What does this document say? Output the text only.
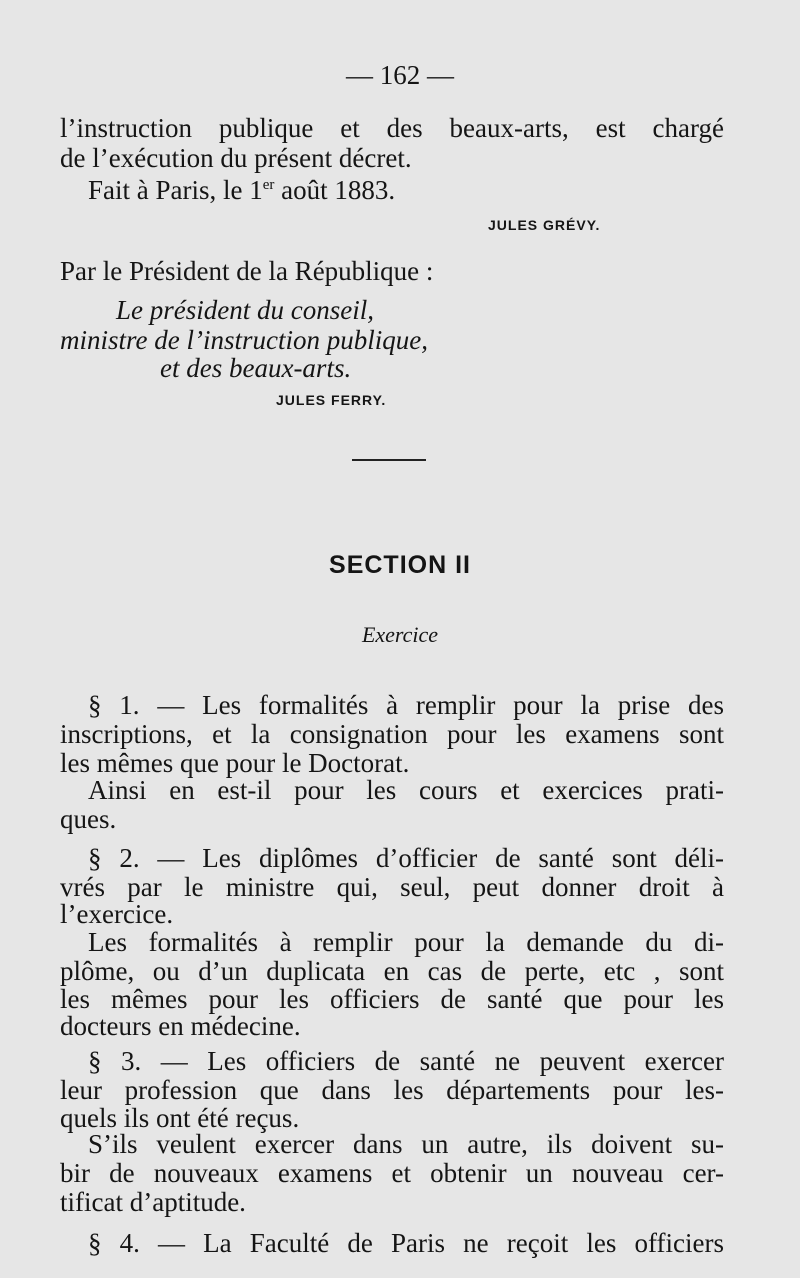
— 162 —
l’instruction publique et des beaux-arts, est chargé
de l’exécution du présent décret.
Fait à Paris, le 1er août 1883.
JULES GRÉVY.
Par le Président de la République :
Le président du conseil,
ministre de l’instruction publique,
et des beaux-arts.
JULES FERRY.
SECTION II
Exercice
§ 1. — Les formalités à remplir pour la prise des
inscriptions, et la consignation pour les examens sont
les mêmes que pour le Doctorat.
Ainsi en est-il pour les cours et exercices prati-
ques.
§ 2. — Les diplômes d’officier de santé sont déli-
vrés par le ministre qui, seul, peut donner droit à
l’exercice.
Les formalités à remplir pour la demande du di-
plôme, ou d’un duplicata en cas de perte, etc , sont
les mêmes pour les officiers de santé que pour les
docteurs en médecine.
§ 3. — Les officiers de santé ne peuvent exercer
leur profession que dans les départements pour les-
quels ils ont été reçus.
S’ils veulent exercer dans un autre, ils doivent su-
bir de nouveaux examens et obtenir un nouveau cer-
tificat d’aptitude.
§ 4. — La Faculté de Paris ne reçoit les officiers
